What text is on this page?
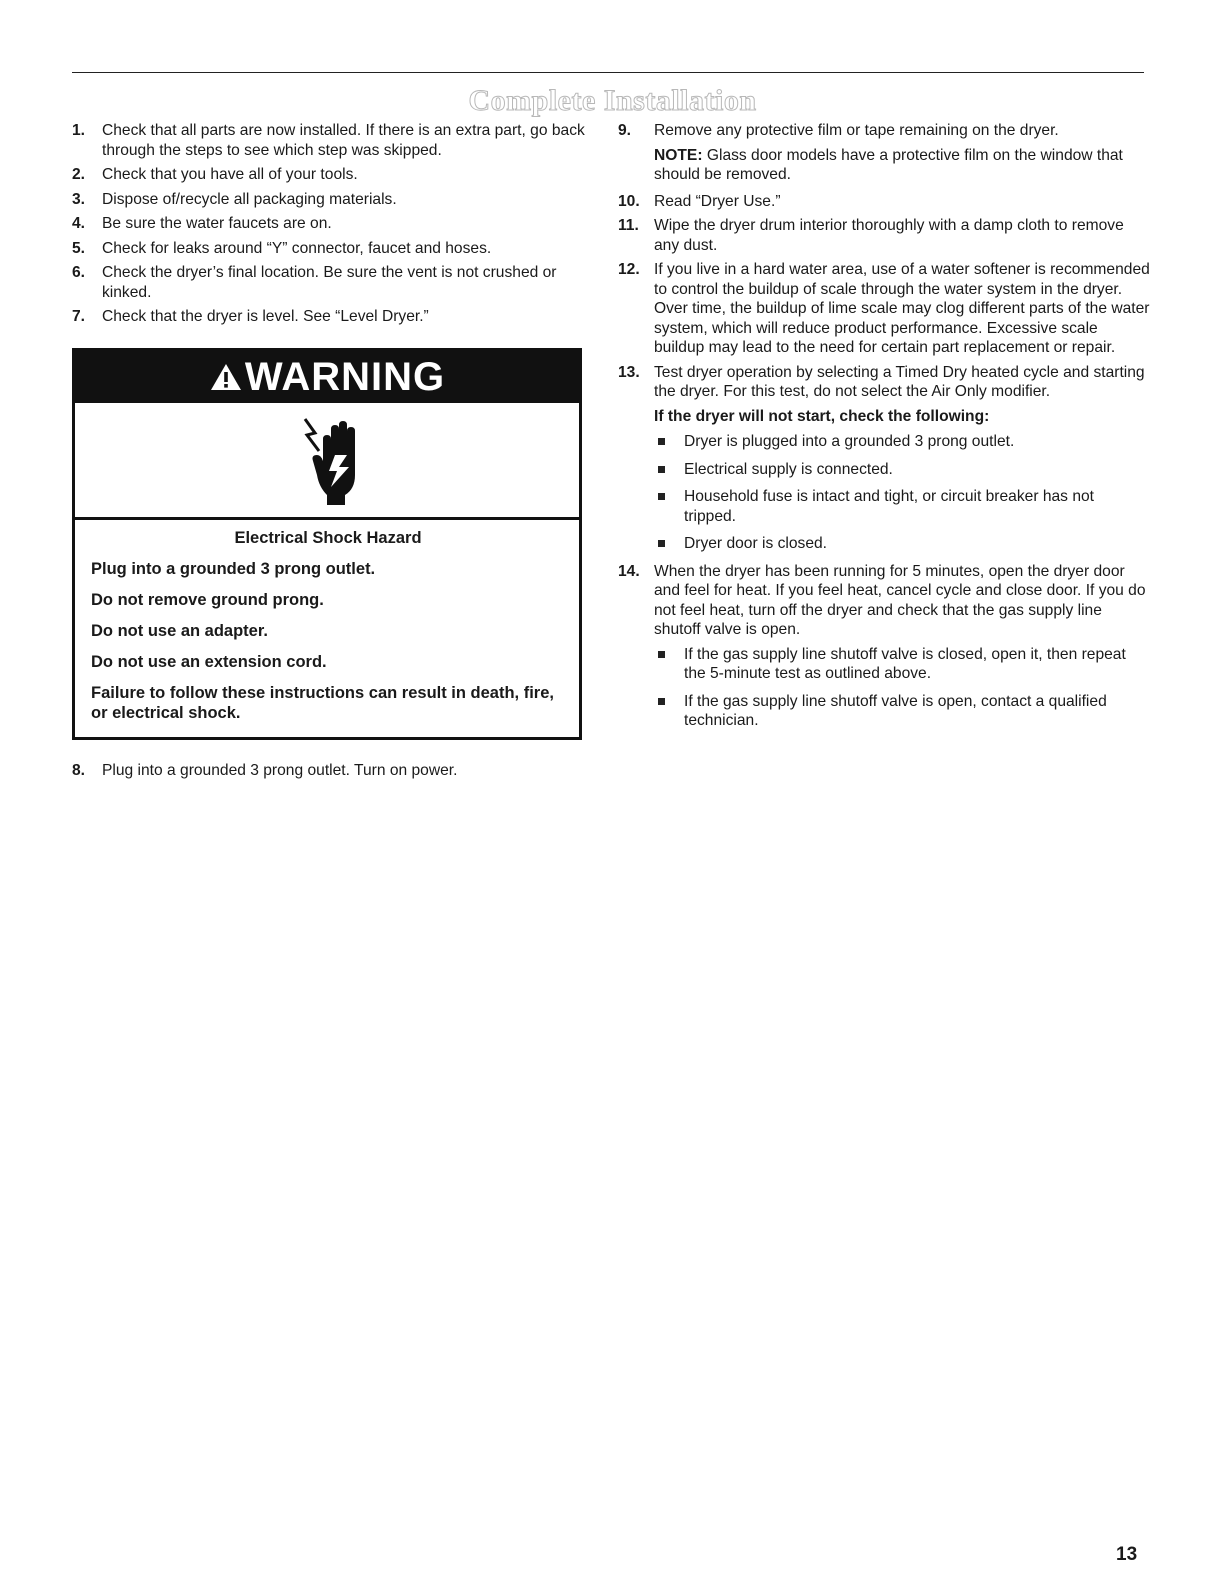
Complete Installation
1. Check that all parts are now installed. If there is an extra part, go back through the steps to see which step was skipped.
2. Check that you have all of your tools.
3. Dispose of/recycle all packaging materials.
4. Be sure the water faucets are on.
5. Check for leaks around “Y” connector, faucet and hoses.
6. Check the dryer’s final location. Be sure the vent is not crushed or kinked.
7. Check that the dryer is level. See “Level Dryer.”
WARNING
Electrical Shock Hazard
Plug into a grounded 3 prong outlet.
Do not remove ground prong.
Do not use an adapter.
Do not use an extension cord.
Failure to follow these instructions can result in death, fire, or electrical shock.
8. Plug into a grounded 3 prong outlet. Turn on power.
9. Remove any protective film or tape remaining on the dryer.
NOTE: Glass door models have a protective film on the window that should be removed.
10. Read “Dryer Use.”
11. Wipe the dryer drum interior thoroughly with a damp cloth to remove any dust.
12. If you live in a hard water area, use of a water softener is recommended to control the buildup of scale through the water system in the dryer. Over time, the buildup of lime scale may clog different parts of the water system, which will reduce product performance. Excessive scale buildup may lead to the need for certain part replacement or repair.
13. Test dryer operation by selecting a Timed Dry heated cycle and starting the dryer. For this test, do not select the Air Only modifier.
If the dryer will not start, check the following:
Dryer is plugged into a grounded 3 prong outlet.
Electrical supply is connected.
Household fuse is intact and tight, or circuit breaker has not tripped.
Dryer door is closed.
14. When the dryer has been running for 5 minutes, open the dryer door and feel for heat. If you feel heat, cancel cycle and close door. If you do not feel heat, turn off the dryer and check that the gas supply line shutoff valve is open.
If the gas supply line shutoff valve is closed, open it, then repeat the 5-minute test as outlined above.
If the gas supply line shutoff valve is open, contact a qualified technician.
13
